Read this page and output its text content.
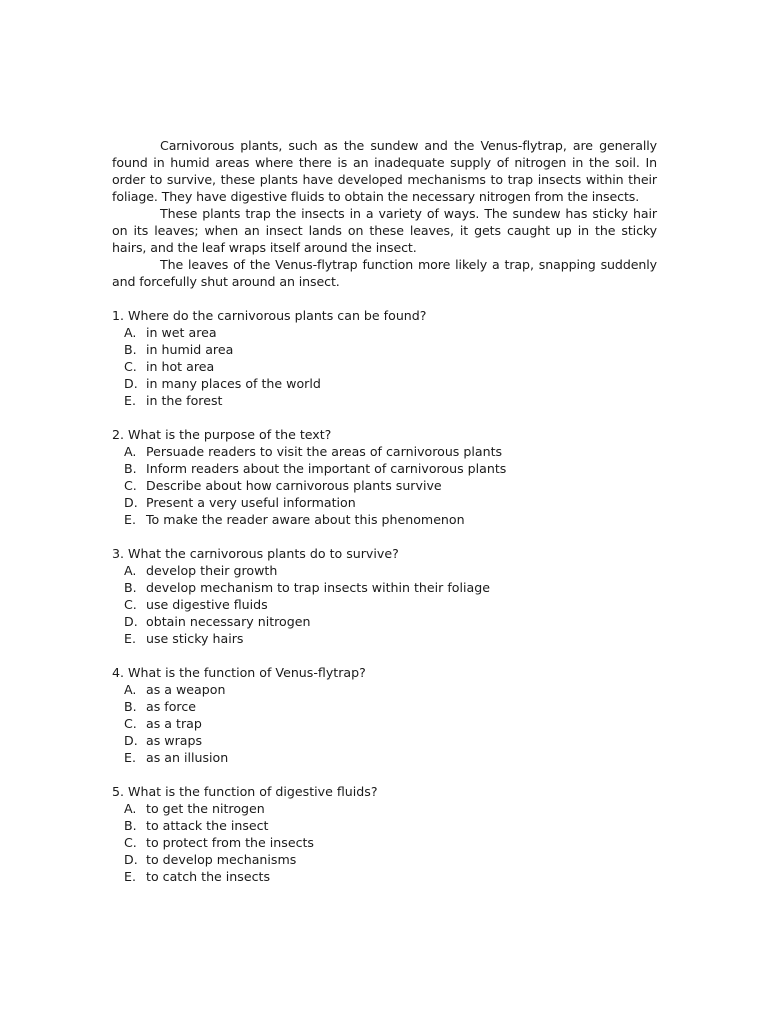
Carnivorous plants, such as the sundew and the Venus-flytrap, are generally found in humid areas where there is an inadequate supply of nitrogen in the soil. In order to survive, these plants have developed mechanisms to trap insects within their foliage. They have digestive fluids to obtain the necessary nitrogen from the insects.

These plants trap the insects in a variety of ways. The sundew has sticky hair on its leaves; when an insect lands on these leaves, it gets caught up in the sticky hairs, and the leaf wraps itself around the insect.

The leaves of the Venus-flytrap function more likely a trap, snapping suddenly and forcefully shut around an insect.

1. Where do the carnivorous plants can be found?

A. in wet area
B. in humid area
C. in hot area
D. in many places of the world
E. in the forest

2. What is the purpose of the text?

A. Persuade readers to visit the areas of carnivorous plants
B. Inform readers about the important of carnivorous plants
C. Describe about how carnivorous plants survive
D. Present a very useful information
E. To make the reader aware about this phenomenon

3. What the carnivorous plants do to survive?

A. develop their growth
B. develop mechanism to trap insects within their foliage
C. use digestive fluids
D. obtain necessary nitrogen
E. use sticky hairs

4. What is the function of Venus-flytrap?

A. as a weapon
B. as force
C. as a trap
D. as wraps
E. as an illusion

5. What is the function of digestive fluids?

A. to get the nitrogen
B. to attack the insect
C. to protect from the insects
D. to develop mechanisms
E. to catch the insects
